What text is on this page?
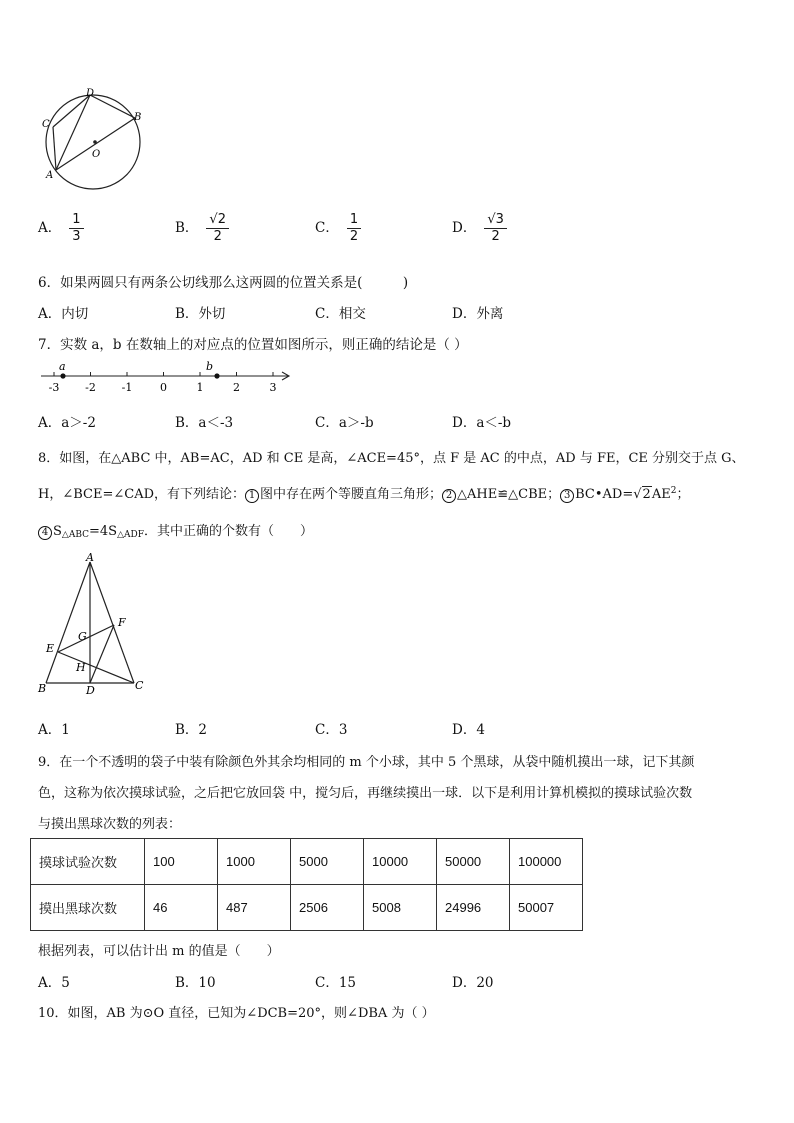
D
B
C
O
A
A． $\frac{1}{3}$	B． $\frac{√2}{2}$	C． $\frac{1}{2}$	D． $\frac{√3}{2}$
6．如果两圆只有两条公切线那么这两圆的位置关系是(　　　)
A．内切	B．外切	C．相交	D．外离
7．实数 a，b 在数轴上的对应点的位置如图所示，则正确的结论是（ ）
-3 -2 -1	0	1	2	3
a	b
A．a＞-2	B．a＜-3	C．a＞-b	D．a＜-b
8．如图，在△ABC 中，AB=AC，AD 和 CE 是高，∠ACE=45°，点 F 是 AC 的中点，AD 与 FE，CE 分别交于点 G、
H，∠BCE=∠CAD，有下列结论： 1 图中存在两个等腰直角三角形； 2 △AHE≌△CBE； 3 $BC•AD=√2AE^2$；
4 $S_{\triangle ABC}=4S_{\triangle ADF}$．其中正确的个数有（　　）
A
F
G
E
H
B	D	C
A．1	B．2	C．3	D．4
9．在一个不透明的袋子中装有除颜色外其余均相同的 m 个小球，其中 5 个黑球，从袋中随机摸出一球，记下其颜
色，这称为依次摸球试验，之后把它放回袋 中，搅匀后，再继续摸出一球．以下是利用计算机模拟的摸球试验次数
与摸出黑球次数的列表：
摸球试验次数	100	1000	5000	10000	50000	100000
摸出黑球次数	46	487	2506	5008	24996	50007
根据列表，可以估计出 m 的值是（　　）
A．5	B．10	C．15	D．20
10．如图，AB 为⊙O 直径，已知为∠DCB=20°，则∠DBA 为（ ）
